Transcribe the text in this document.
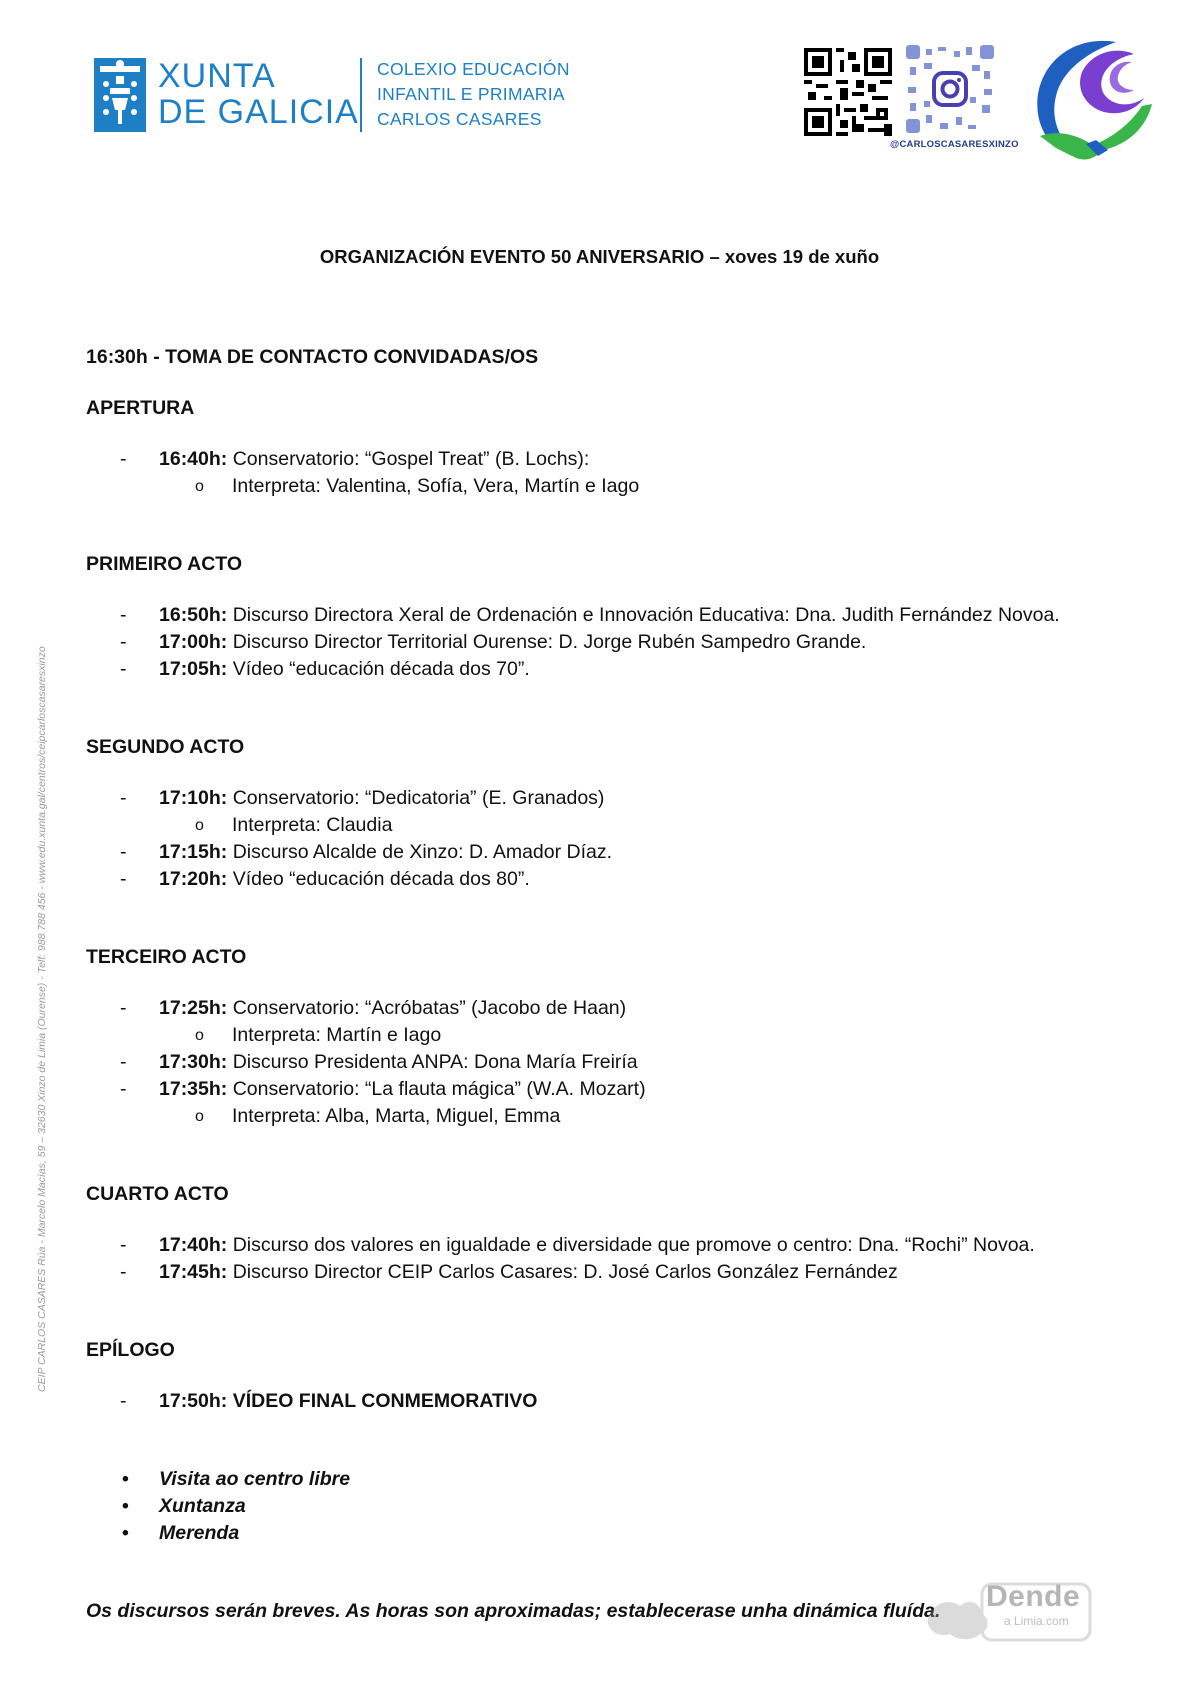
XUNTA
DE GALICIA
COLEXIO EDUCACIÓN
INFANTIL E PRIMARIA
CARLOS CASARES
@CARLOSCASARESXINZO
CEIP CARLOS CASARES Rúa - Marcelo Macías, 59 – 32630 Xinzo de Limia (Ourense) - Telf: 988 788 456 - www.edu.xunta.gal/centros/ceipcarloscasaresxinzo
ORGANIZACIÓN EVENTO 50 ANIVERSARIO – xoves 19 de xuño
16:30h - TOMA DE CONTACTO CONVIDADAS/OS
APERTURA
- 16:40h: Conservatorio: “Gospel Treat” (B. Lochs):
o Interpreta: Valentina, Sofía, Vera, Martín e Iago
PRIMEIRO ACTO
- 16:50h: Discurso Directora Xeral de Ordenación e Innovación Educativa: Dna. Judith Fernández Novoa.
- 17:00h: Discurso Director Territorial Ourense: D. Jorge Rubén Sampedro Grande.
- 17:05h: Vídeo “educación década dos 70”.
SEGUNDO ACTO
- 17:10h: Conservatorio: “Dedicatoria” (E. Granados)
o Interpreta: Claudia
- 17:15h: Discurso Alcalde de Xinzo: D. Amador Díaz.
- 17:20h: Vídeo “educación década dos 80”.
TERCEIRO ACTO
- 17:25h: Conservatorio: “Acróbatas” (Jacobo de Haan)
o Interpreta: Martín e Iago
- 17:30h: Discurso Presidenta ANPA: Dona María Freiría
- 17:35h: Conservatorio: “La flauta mágica” (W.A. Mozart)
o Interpreta: Alba, Marta, Miguel, Emma
CUARTO ACTO
- 17:40h: Discurso dos valores en igualdade e diversidade que promove o centro: Dna. “Rochi” Novoa.
- 17:45h: Discurso Director CEIP Carlos Casares: D. José Carlos González Fernández
EPÍLOGO
- 17:50h: VÍDEO FINAL CONMEMORATIVO
• Visita ao centro libre
• Xuntanza
• Merenda
Os discursos serán breves. As horas son aproximadas; establecerase unha dinámica fluída.	Dende
a Limia.com
